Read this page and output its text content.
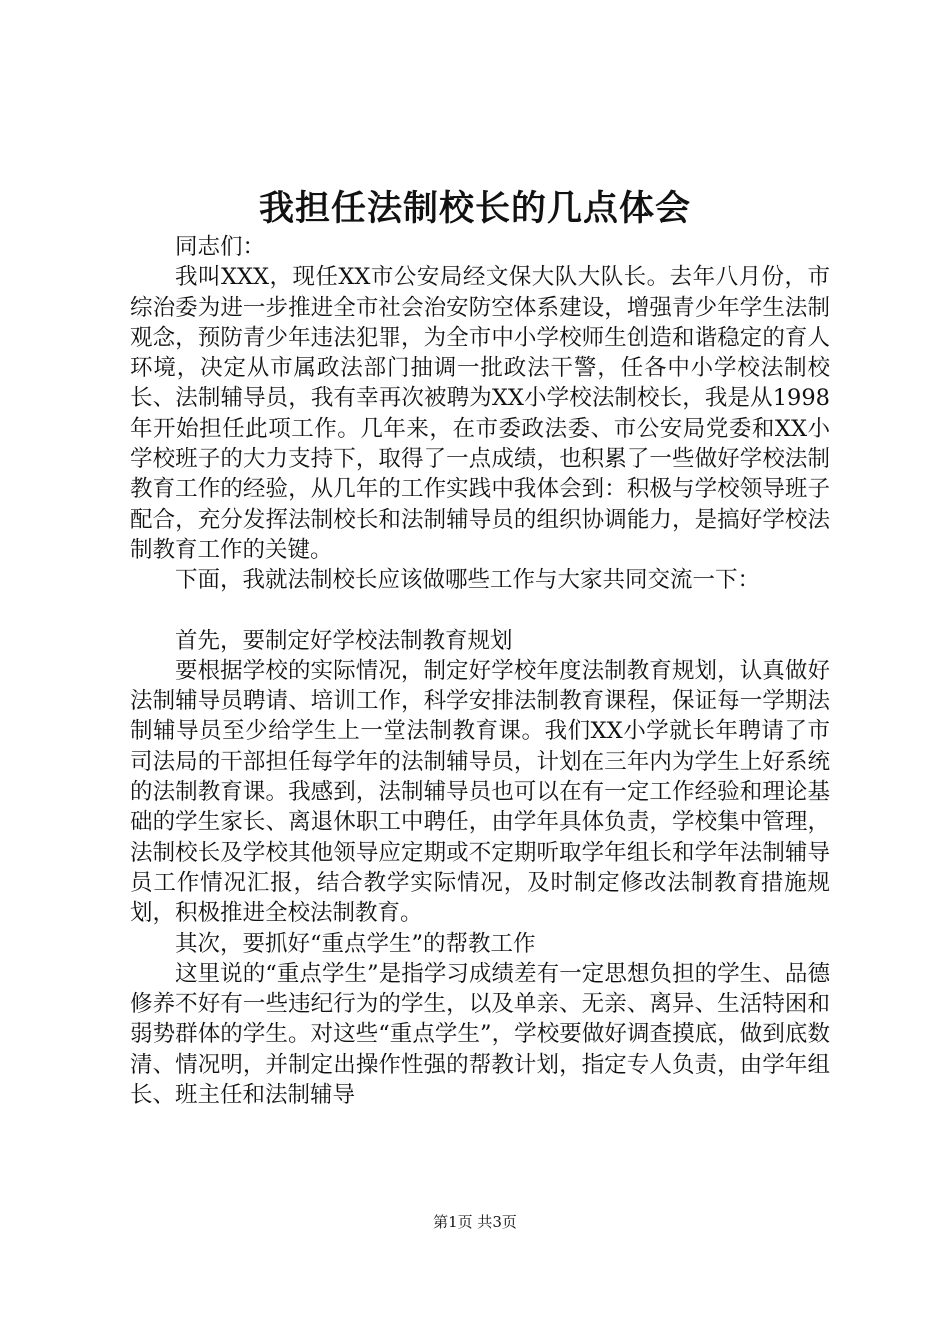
我担任法制校长的几点体会

同志们：

我叫XXX，现任XX市公安局经文保大队大队长。去年八月份，市综治委为进一步推进全市社会治安防空体系建设，增强青少年学生法制观念，预防青少年违法犯罪，为全市中小学校师生创造和谐稳定的育人环境，决定从市属政法部门抽调一批政法干警，任各中小学校法制校长、法制辅导员，我有幸再次被聘为XX小学校法制校长，我是从1998年开始担任此项工作。几年来，在市委政法委、市公安局党委和XX小学校班子的大力支持下，取得了一点成绩，也积累了一些做好学校法制教育工作的经验，从几年的工作实践中我体会到：积极与学校领导班子配合，充分发挥法制校长和法制辅导员的组织协调能力，是搞好学校法制教育工作的关键。

下面，我就法制校长应该做哪些工作与大家共同交流一下：

首先，要制定好学校法制教育规划

要根据学校的实际情况，制定好学校年度法制教育规划，认真做好法制辅导员聘请、培训工作，科学安排法制教育课程，保证每一学期法制辅导员至少给学生上一堂法制教育课。我们XX小学就长年聘请了市司法局的干部担任每学年的法制辅导员，计划在三年内为学生上好系统的法制教育课。我感到，法制辅导员也可以在有一定工作经验和理论基础的学生家长、离退休职工中聘任，由学年具体负责，学校集中管理，法制校长及学校其他领导应定期或不定期听取学年组长和学年法制辅导员工作情况汇报，结合教学实际情况，及时制定修改法制教育措施规划，积极推进全校法制教育。

其次，要抓好“重点学生”的帮教工作

这里说的“重点学生”是指学习成绩差有一定思想负担的学生、品德修养不好有一些违纪行为的学生，以及单亲、无亲、离异、生活特困和弱势群体的学生。对这些“重点学生”，学校要做好调查摸底，做到底数清、情况明，并制定出操作性强的帮教计划，指定专人负责，由学年组长、班主任和法制辅导

第1页 共3页
